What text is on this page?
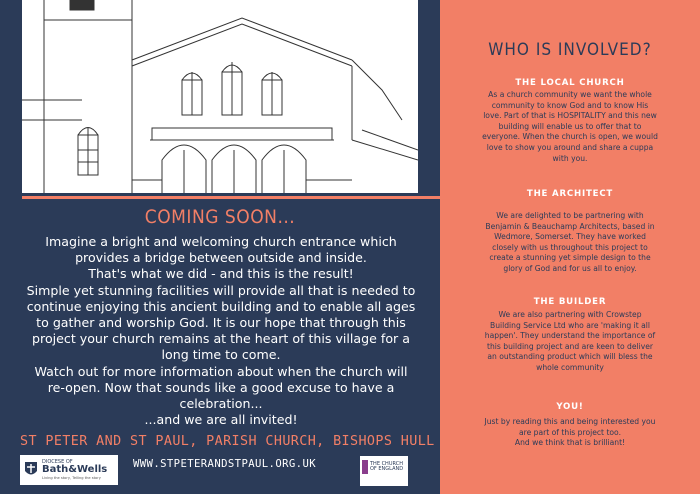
COMING SOON...

Imagine a bright and welcoming church entrance which provides a bridge between outside and inside.

That's what we did - and this is the result!

Simple yet stunning facilities will provide all that is needed to continue enjoying this ancient building and to enable all ages to gather and worship God. It is our hope that through this project your church remains at the heart of this village for a long time to come.

Watch out for more information about when the church will re-open. Now that sounds like a good excuse to have a celebration...

...and we are all invited!

ST PETER AND ST PAUL, PARISH CHURCH, BISHOPS HULL
DIOCESE OF
Bath&Wells
Living the story, Telling the story
WWW.STPETERANDSTPAUL.ORG.UK	THE CHURCH
OF ENGLAND
WHO IS INVOLVED?
THE LOCAL CHURCH

As a church community we want the whole

community to know God and to know His

love. Part of that is HOSPITALITY and this new

building will enable us to offer that to

everyone. When the church is open, we would

love to show you around and share a cuppa

with you.

THE ARCHITECT

We are delighted to be partnering with

Benjamin & Beauchamp Architects, based in

Wedmore, Somerset. They have worked

closely with us throughout this project to

create a stunning yet simple design to the

glory of God and for us all to enjoy.

THE BUILDER

We are also partnering with Crowstep

Building Service Ltd who are 'making it all

happen'. They understand the importance of

this building project and are keen to deliver

an outstanding product which will bless the

whole community

YOU!

Just by reading this and being interested you

are part of this project too.

And we think that is brilliant!
